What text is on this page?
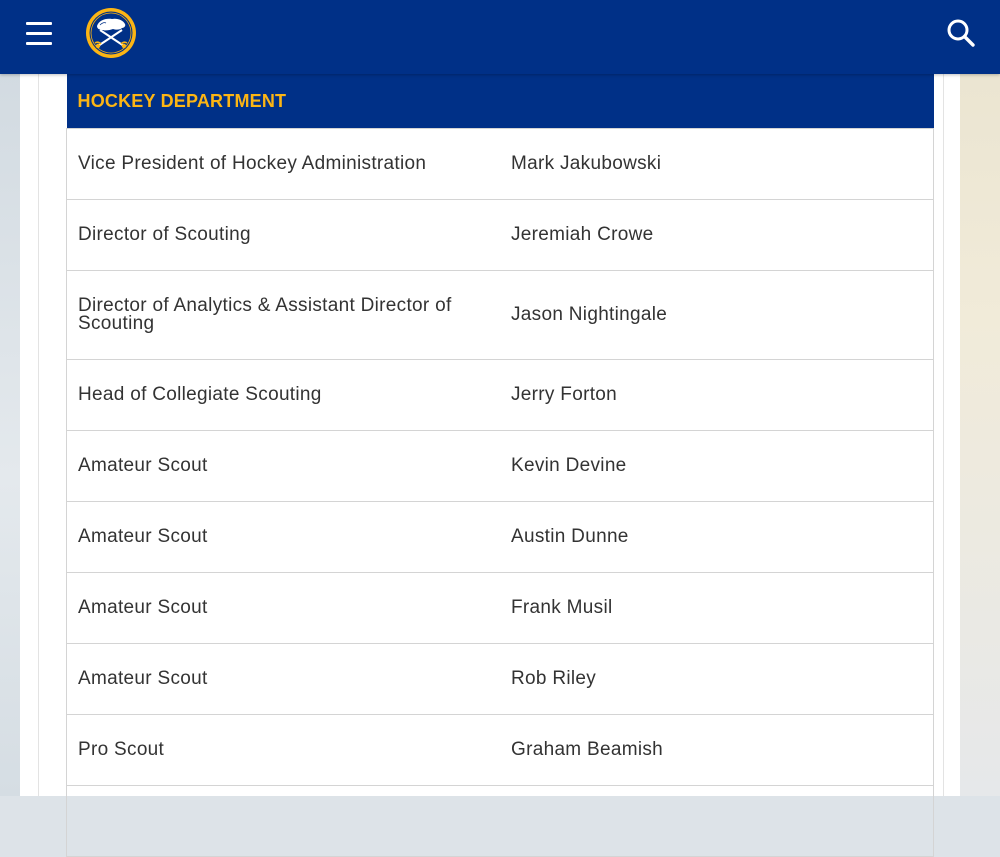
HOCKEY DEPARTMENT	
Vice President of Hockey Administration	Mark Jakubowski
Director of Scouting	Jeremiah Crowe
Director of Analytics & Assistant Director of Scouting	Jason Nightingale
Head of Collegiate Scouting	Jerry Forton
Amateur Scout	Kevin Devine
Amateur Scout	Austin Dunne
Amateur Scout	Frank Musil
Amateur Scout	Rob Riley
Pro Scout	Graham Beamish
